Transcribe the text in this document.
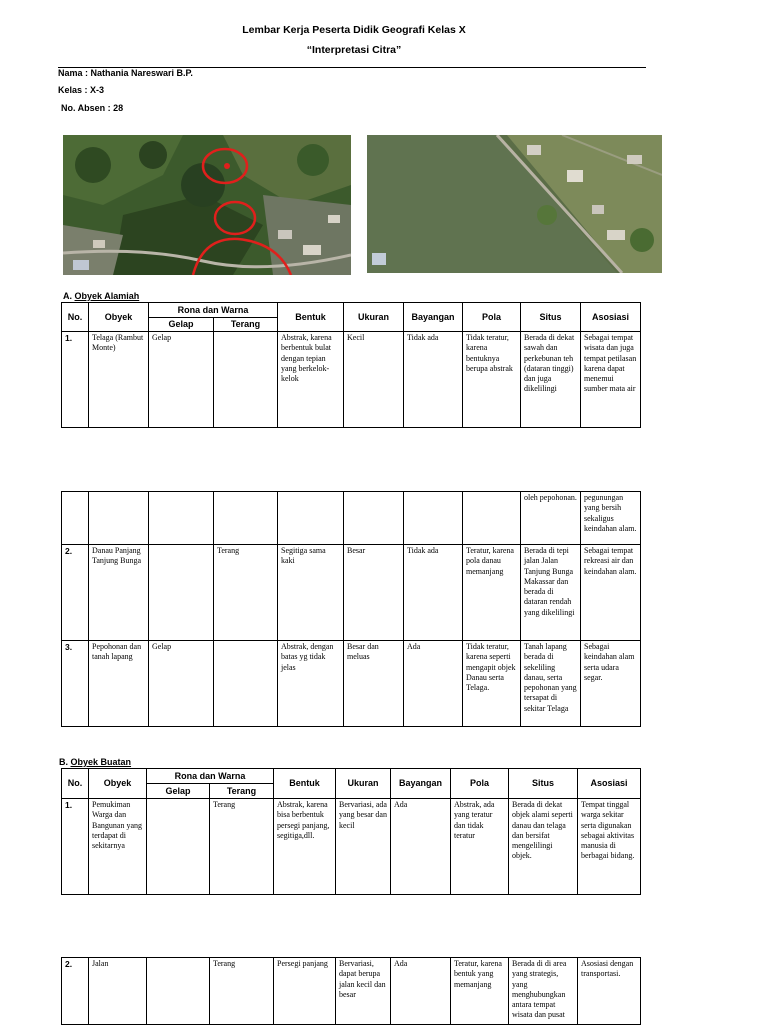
Lembar Kerja Peserta Didik Geografi Kelas X
“Interpretasi Citra”
Nama : Nathania Nareswari B.P.
Kelas : X-3
No. Absen : 28
A. Obyek Alamiah
No.	Obyek	Rona dan Warna		Bentuk	Ukuran	Bayangan	Pola	Situs	Asosiasi
		Gelap	Terang						
1.	Telaga (Rambut Monte)	Gelap		Abstrak, karena berbentuk bulat dengan tepian yang berkelok-kelok	Kecil	Tidak ada	Tidak teratur, karena bentuknya berupa abstrak	Berada di dekat sawah dan perkebunan teh (dataran tinggi) dan juga dikelilingi	Sebagai tempat wisata dan juga tempat petilasan karena dapat menemui sumber mata air
								oleh pepohonan.	pegunungan yang bersih sekaligus keindahan alam.
2.	Danau Panjang Tanjung Bunga		Terang	Segitiga sama kaki	Besar	Tidak ada	Teratur, karena pola danau memanjang	Berada di tepi jalan Jalan Tanjung Bunga Makassar dan berada di dataran rendah yang dikelilingi	Sebagai tempat rekreasi air dan keindahan alam.
3.	Pepohonan dan tanah lapang	Gelap		Abstrak, dengan batas yg tidak jelas	Besar dan meluas	Ada	Tidak teratur, karena seperti mengapit objek Danau serta Telaga.	Tanah lapang berada di sekeliling danau, serta pepohonan yang tersapat di sekitar Telaga	Sebagai keindahan alam serta udara segar.
B. Obyek Buatan
No.	Obyek	Rona dan Warna		Bentuk	Ukuran	Bayangan	Pola	Situs	Asosiasi
		Gelap	Terang						
1.	Pemukiman Warga dan Bangunan yang terdapat di sekitarnya		Terang	Abstrak, karena bisa berbentuk persegi panjang, segitiga,dll.	Bervariasi, ada yang besar dan kecil	Ada	Abstrak, ada yang teratur dan tidak teratur	Berada di dekat objek alami seperti danau dan telaga dan bersifat mengelilingi objek.	Tempat tinggal warga sekitar serta digunakan sebagai aktivitas manusia di berbagai bidang.
2.	Jalan		Terang	Persegi panjang	Bervariasi, dapat berupa jalan kecil dan besar	Ada	Teratur, karena bentuk yang memanjang	Berada di di area yang strategis, yang menghubungkan antara tempat wisata dan pusat	Asosiasi dengan transportasi.
